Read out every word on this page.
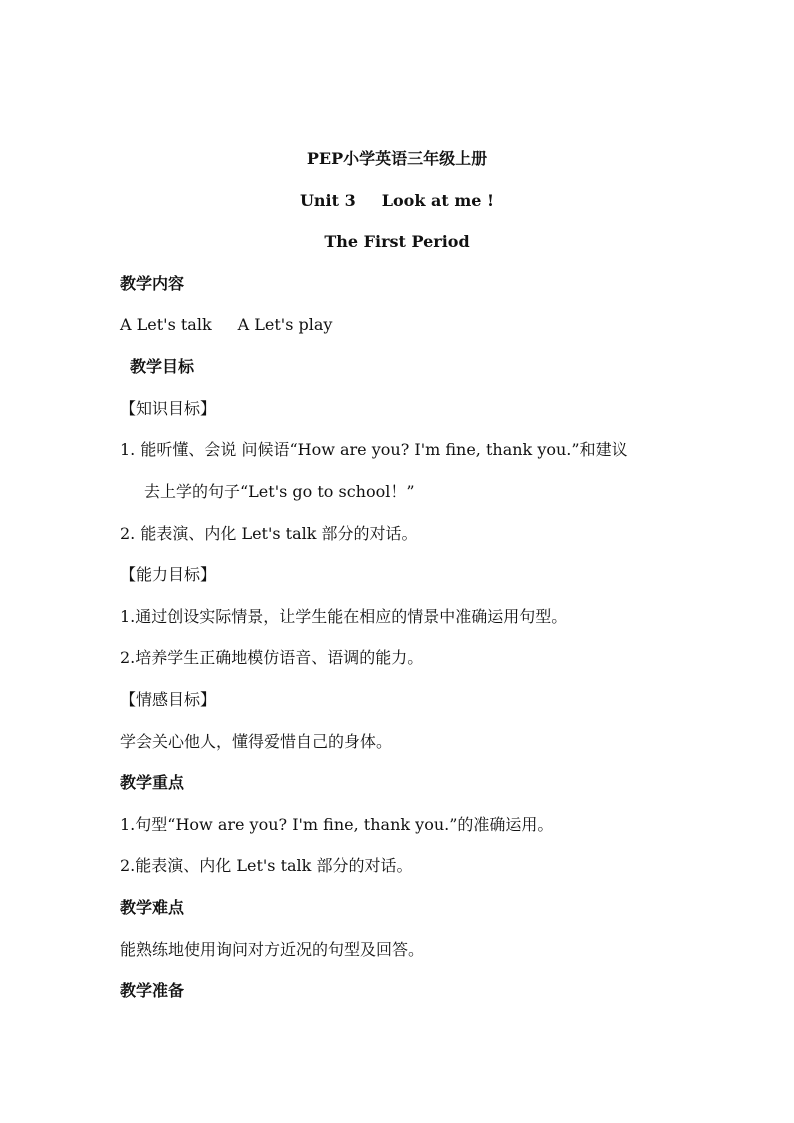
PEP小学英语三年级上册
Unit 3 Look at me !
The First Period
教学内容
A Let's talk A Let's play
教学目标
【知识目标】
1. 能听懂、会说 问候语“How are you? I'm fine, thank you.”和建议
去上学的句子“Let's go to school！”
2. 能表演、内化 Let's talk 部分的对话。
【能力目标】
1.通过创设实际情景，让学生能在相应的情景中准确运用句型。
2.培养学生正确地模仿语音、语调的能力。
【情感目标】
学会关心他人，懂得爱惜自己的身体。
教学重点
1.句型“How are you? I'm fine, thank you.”的准确运用。
2.能表演、内化 Let's talk 部分的对话。
教学难点
能熟练地使用询问对方近况的句型及回答。
教学准备
